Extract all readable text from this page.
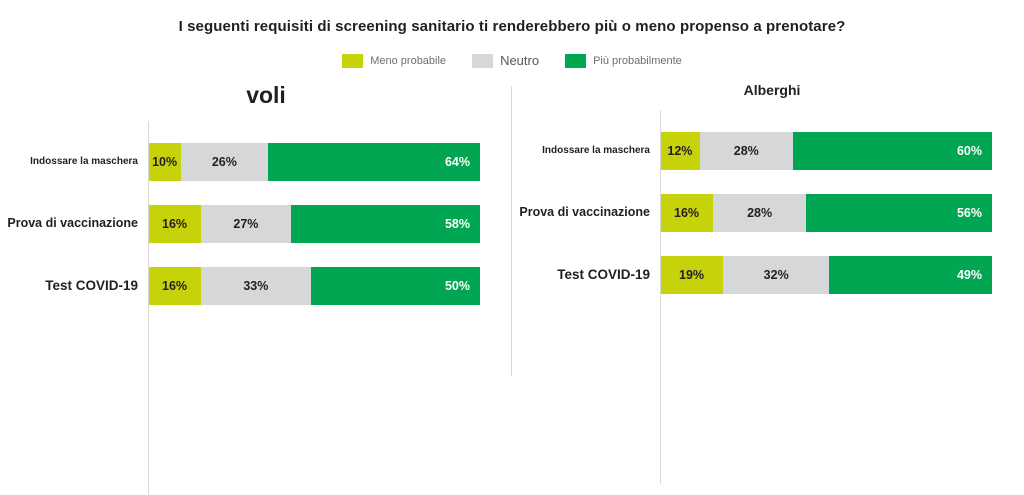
I seguenti requisiti di screening sanitario ti renderebbero più o meno propenso a prenotare?
Meno probabile	Neutro	Più probabilmente
voli
Indossare la maschera	10%	26%	64%
Prova di vaccinazione	16%	27%	58%
Test COVID-19	16%	33%	50%
Alberghi
Indossare la maschera	12%	28%	60%
Prova di vaccinazione	16%	28%	56%
Test COVID-19	19%	32%	49%
